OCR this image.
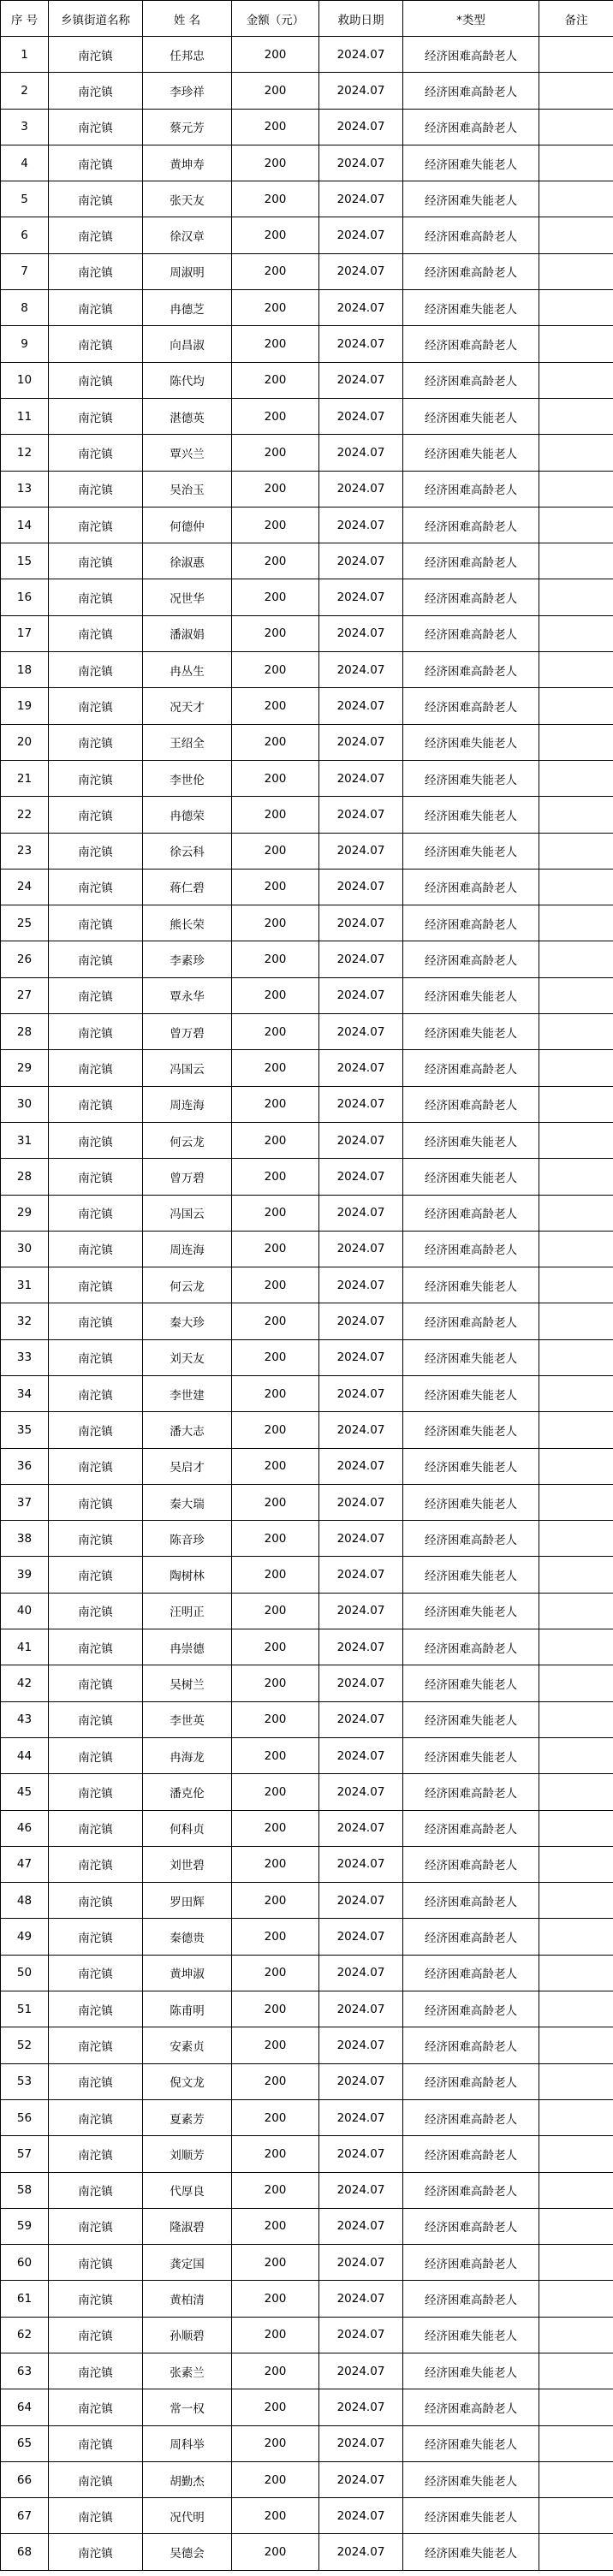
序 号	乡镇街道名称	姓 名	金额（元）	救助日期	*类型	备注
1	南沱镇	任邦忠	200	2024.07	经济困难高龄老人	
2	南沱镇	李珍祥	200	2024.07	经济困难高龄老人	
3	南沱镇	蔡元芳	200	2024.07	经济困难高龄老人	
4	南沱镇	黄坤寿	200	2024.07	经济困难失能老人	
5	南沱镇	张天友	200	2024.07	经济困难失能老人	
6	南沱镇	徐汉章	200	2024.07	经济困难高龄老人	
7	南沱镇	周淑明	200	2024.07	经济困难高龄老人	
8	南沱镇	冉德芝	200	2024.07	经济困难失能老人	
9	南沱镇	向昌淑	200	2024.07	经济困难高龄老人	
10	南沱镇	陈代均	200	2024.07	经济困难高龄老人	
11	南沱镇	湛德英	200	2024.07	经济困难失能老人	
12	南沱镇	覃兴兰	200	2024.07	经济困难失能老人	
13	南沱镇	吴治玉	200	2024.07	经济困难高龄老人	
14	南沱镇	何德仲	200	2024.07	经济困难高龄老人	
15	南沱镇	徐淑惠	200	2024.07	经济困难高龄老人	
16	南沱镇	况世华	200	2024.07	经济困难高龄老人	
17	南沱镇	潘淑娟	200	2024.07	经济困难高龄老人	
18	南沱镇	冉丛生	200	2024.07	经济困难高龄老人	
19	南沱镇	况天才	200	2024.07	经济困难高龄老人	
20	南沱镇	王绍全	200	2024.07	经济困难失能老人	
21	南沱镇	李世伦	200	2024.07	经济困难失能老人	
22	南沱镇	冉德荣	200	2024.07	经济困难失能老人	
23	南沱镇	徐云科	200	2024.07	经济困难失能老人	
24	南沱镇	蒋仁碧	200	2024.07	经济困难高龄老人	
25	南沱镇	熊长荣	200	2024.07	经济困难高龄老人	
26	南沱镇	李素珍	200	2024.07	经济困难高龄老人	
27	南沱镇	覃永华	200	2024.07	经济困难失能老人	
28	南沱镇	曾万碧	200	2024.07	经济困难失能老人	
29	南沱镇	冯国云	200	2024.07	经济困难高龄老人	
30	南沱镇	周连海	200	2024.07	经济困难高龄老人	
31	南沱镇	何云龙	200	2024.07	经济困难失能老人	
28	南沱镇	曾万碧	200	2024.07	经济困难失能老人	
29	南沱镇	冯国云	200	2024.07	经济困难高龄老人	
30	南沱镇	周连海	200	2024.07	经济困难高龄老人	
31	南沱镇	何云龙	200	2024.07	经济困难失能老人	
32	南沱镇	秦大珍	200	2024.07	经济困难高龄老人	
33	南沱镇	刘天友	200	2024.07	经济困难失能老人	
34	南沱镇	李世建	200	2024.07	经济困难失能老人	
35	南沱镇	潘大志	200	2024.07	经济困难失能老人	
36	南沱镇	吴启才	200	2024.07	经济困难失能老人	
37	南沱镇	秦大瑞	200	2024.07	经济困难失能老人	
38	南沱镇	陈音珍	200	2024.07	经济困难高龄老人	
39	南沱镇	陶树林	200	2024.07	经济困难失能老人	
40	南沱镇	汪明正	200	2024.07	经济困难失能老人	
41	南沱镇	冉崇德	200	2024.07	经济困难高龄老人	
42	南沱镇	吴树兰	200	2024.07	经济困难失能老人	
43	南沱镇	李世英	200	2024.07	经济困难失能老人	
44	南沱镇	冉海龙	200	2024.07	经济困难失能老人	
45	南沱镇	潘克伦	200	2024.07	经济困难高龄老人	
46	南沱镇	何科贞	200	2024.07	经济困难高龄老人	
47	南沱镇	刘世碧	200	2024.07	经济困难高龄老人	
48	南沱镇	罗田辉	200	2024.07	经济困难高龄老人	
49	南沱镇	秦德贵	200	2024.07	经济困难高龄老人	
50	南沱镇	黄坤淑	200	2024.07	经济困难高龄老人	
51	南沱镇	陈甫明	200	2024.07	经济困难高龄老人	
52	南沱镇	安素贞	200	2024.07	经济困难高龄老人	
53	南沱镇	倪文龙	200	2024.07	经济困难高龄老人	
56	南沱镇	夏素芳	200	2024.07	经济困难高龄老人	
57	南沱镇	刘顺芳	200	2024.07	经济困难高龄老人	
58	南沱镇	代厚良	200	2024.07	经济困难高龄老人	
59	南沱镇	隆淑碧	200	2024.07	经济困难高龄老人	
60	南沱镇	龚定国	200	2024.07	经济困难高龄老人	
61	南沱镇	黄柏清	200	2024.07	经济困难高龄老人	
62	南沱镇	孙顺碧	200	2024.07	经济困难失能老人	
63	南沱镇	张素兰	200	2024.07	经济困难失能老人	
64	南沱镇	常一权	200	2024.07	经济困难高龄老人	
65	南沱镇	周科举	200	2024.07	经济困难失能老人	
66	南沱镇	胡勤杰	200	2024.07	经济困难失能老人	
67	南沱镇	况代明	200	2024.07	经济困难失能老人	
68	南沱镇	吴德会	200	2024.07	经济困难失能老人	
